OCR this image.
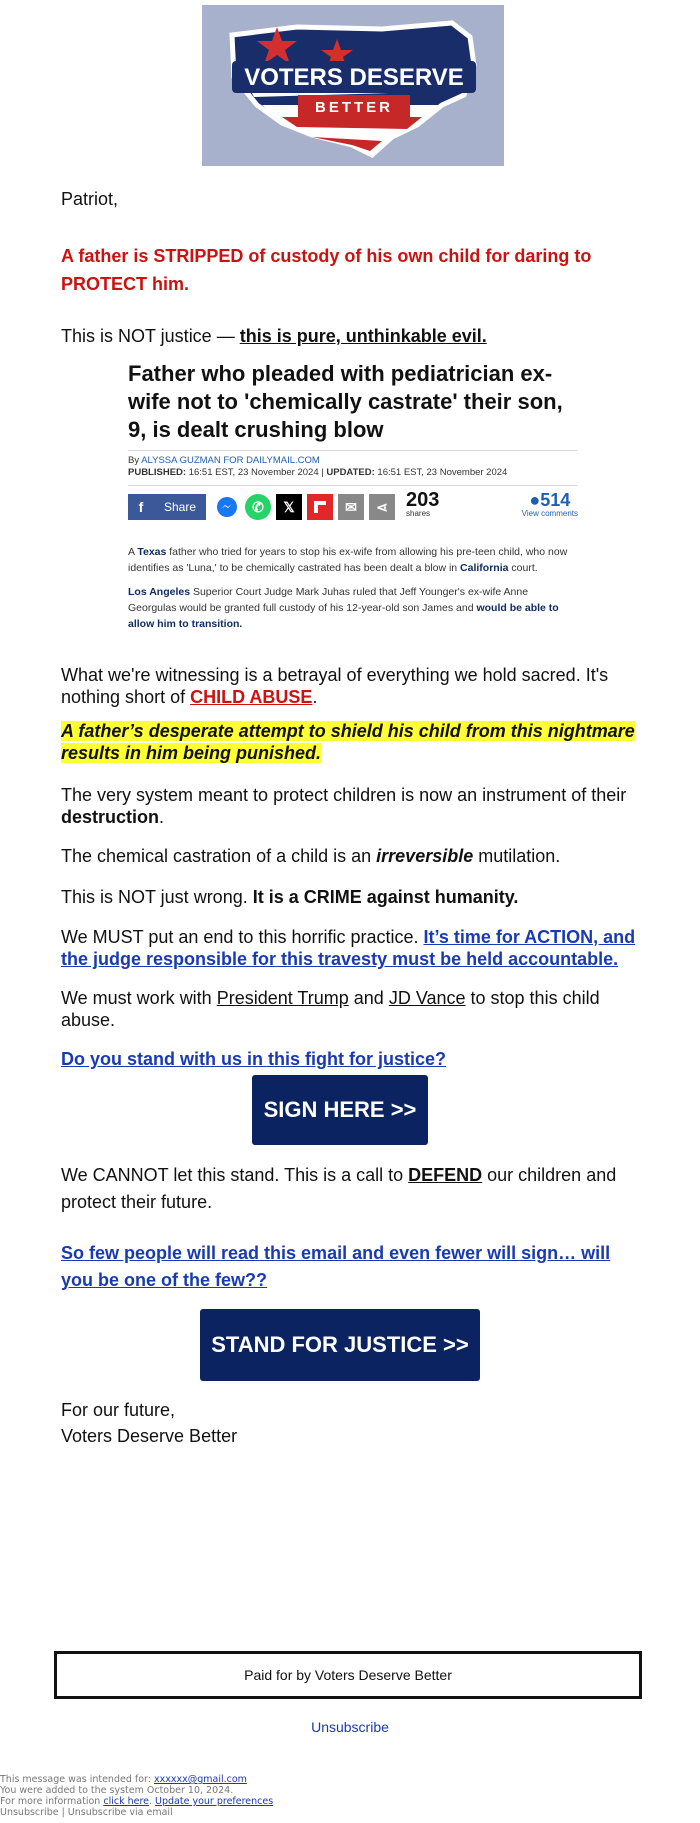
VOTERS DESERVE
BETTER
Patriot,
A father is STRIPPED of custody of his own child for daring to
PROTECT him.
This is NOT justice — this is pure, unthinkable evil.
Father who pleaded with pediatrician ex-wife not to 'chemically castrate' their son, 9, is dealt crushing blow
By ALYSSA GUZMAN FOR DAILYMAIL.COM
PUBLISHED: 16:51 EST, 23 November 2024 | UPDATED: 16:51 EST, 23 November 2024
f	Share	✆	𝕏	✉	⋖ 203
shares
●514
View comments
A Texas father who tried for years to stop his ex-wife from allowing his pre-teen child, who now identifies as 'Luna,' to be chemically castrated has been dealt a blow in California court.
Los Angeles Superior Court Judge Mark Juhas ruled that Jeff Younger's ex-wife Anne Georgulas would be granted full custody of his 12-year-old son James and would be able to allow him to transition.
What we're witnessing is a betrayal of everything we hold sacred. It's nothing short of CHILD ABUSE.
A father’s desperate attempt to shield his child from this nightmare results in him being punished.
The very system meant to protect children is now an instrument of their destruction.
The chemical castration of a child is an irreversible mutilation.
This is NOT just wrong. It is a CRIME against humanity.
We MUST put an end to this horrific practice. It’s time for ACTION, and the judge responsible for this travesty must be held accountable.
We must work with President Trump and JD Vance to stop this child abuse.
Do you stand with us in this fight for justice?
SIGN HERE >>
We CANNOT let this stand. This is a call to DEFEND our children and protect their future.
So few people will read this email and even fewer will sign… will you be one of the few??
STAND FOR JUSTICE >>
For our future,
Voters Deserve Better
Paid for by Voters Deserve Better
Unsubscribe
This message was intended for: xxxxxx@gmail.com
You were added to the system October 10, 2024.
For more information click here. Update your preferences
Unsubscribe | Unsubscribe via email
